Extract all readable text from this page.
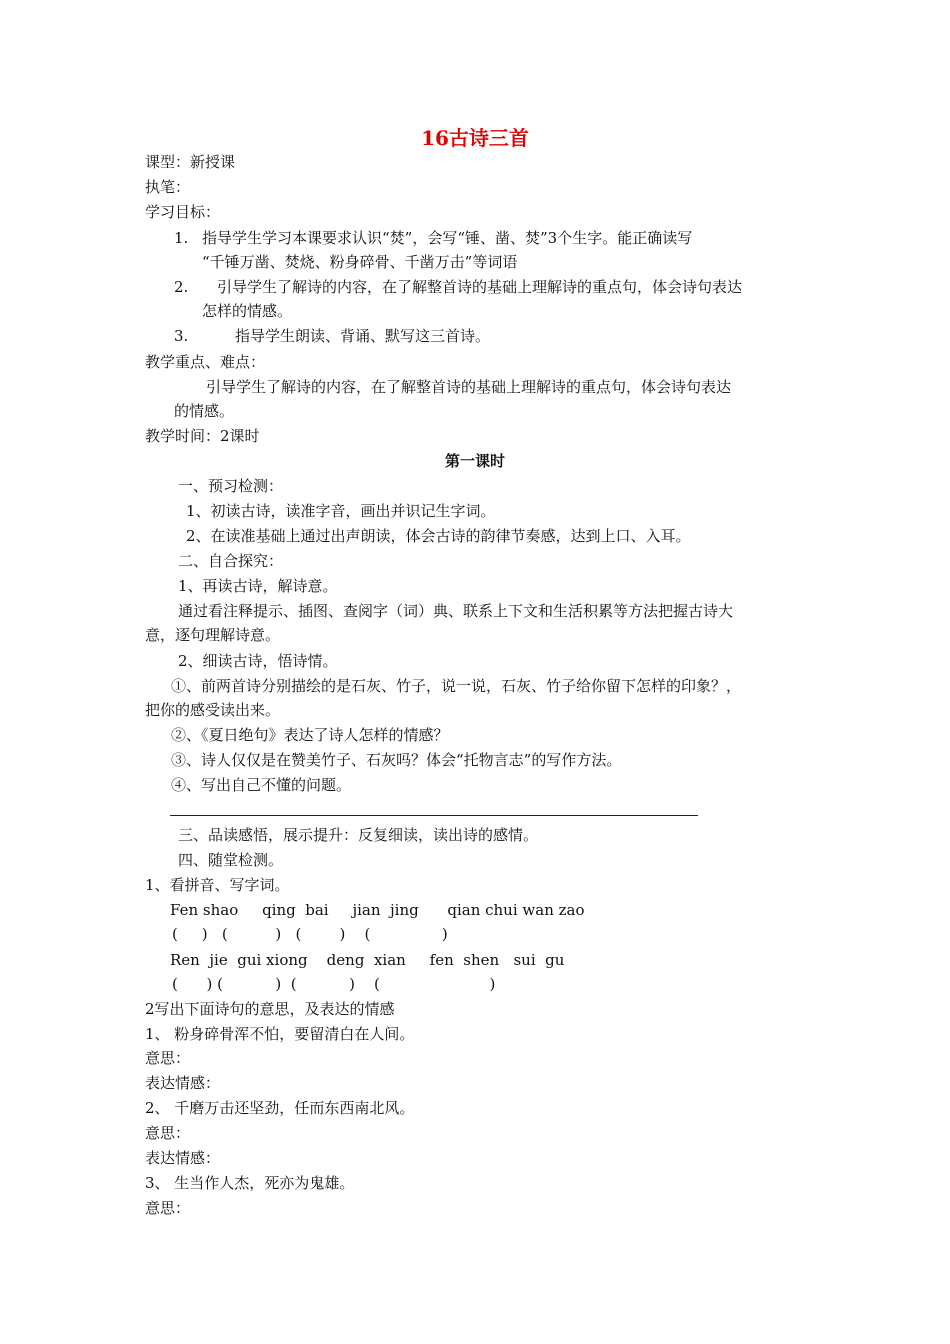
16古诗三首
课型：新授课
执笔：
学习目标：
1. 指导学生学习本课要求认识“焚”，会写“锤、凿、焚”3个生字。能正确读写
“千锤万凿、焚烧、粉身碎骨、千凿万击”等词语
2. 引导学生了解诗的内容，在了解整首诗的基础上理解诗的重点句，体会诗句表达
怎样的情感。
3.	指导学生朗读、背诵、默写这三首诗。
教学重点、难点：
引导学生了解诗的内容，在了解整首诗的基础上理解诗的重点句，体会诗句表达
的情感。
教学时间：2课时
第一课时
一、预习检测：
1、初读古诗，读准字音，画出并识记生字词。
2、在读准基础上通过出声朗读，体会古诗的韵律节奏感，达到上口、入耳。
二、自合探究：
1、再读古诗，解诗意。
通过看注释提示、插图、查阅字（词）典、联系上下文和生活积累等方法把握古诗大
意，逐句理解诗意。
2、细读古诗，悟诗情。
①、前两首诗分别描绘的是石灰、竹子，说一说，石灰、竹子给你留下怎样的印象？，
把你的感受读出来。
②、《夏日绝句》表达了诗人怎样的情感？
③、诗人仅仅是在赞美竹子、石灰吗？体会“托物言志”的写作方法。
④、写出自己不懂的问题。
三、品读感悟，展示提升：反复细读，读出诗的感情。
四、随堂检测。
1、看拼音、写字词。
Fen shao     qing  bai     jian  jing      qian chui wan zao
(     )   (          )   (        )    (               )
Ren  jie  gui xiong    deng  xian     fen  shen   sui  gu
(      ) (           )  (           )    (                       )
2写出下面诗句的意思，及表达的情感
1、 粉身碎骨浑不怕，要留清白在人间。
意思：
表达情感：
2、 千磨万击还坚劲，任而东西南北风。
意思：
表达情感：
3、 生当作人杰，死亦为鬼雄。
意思：
